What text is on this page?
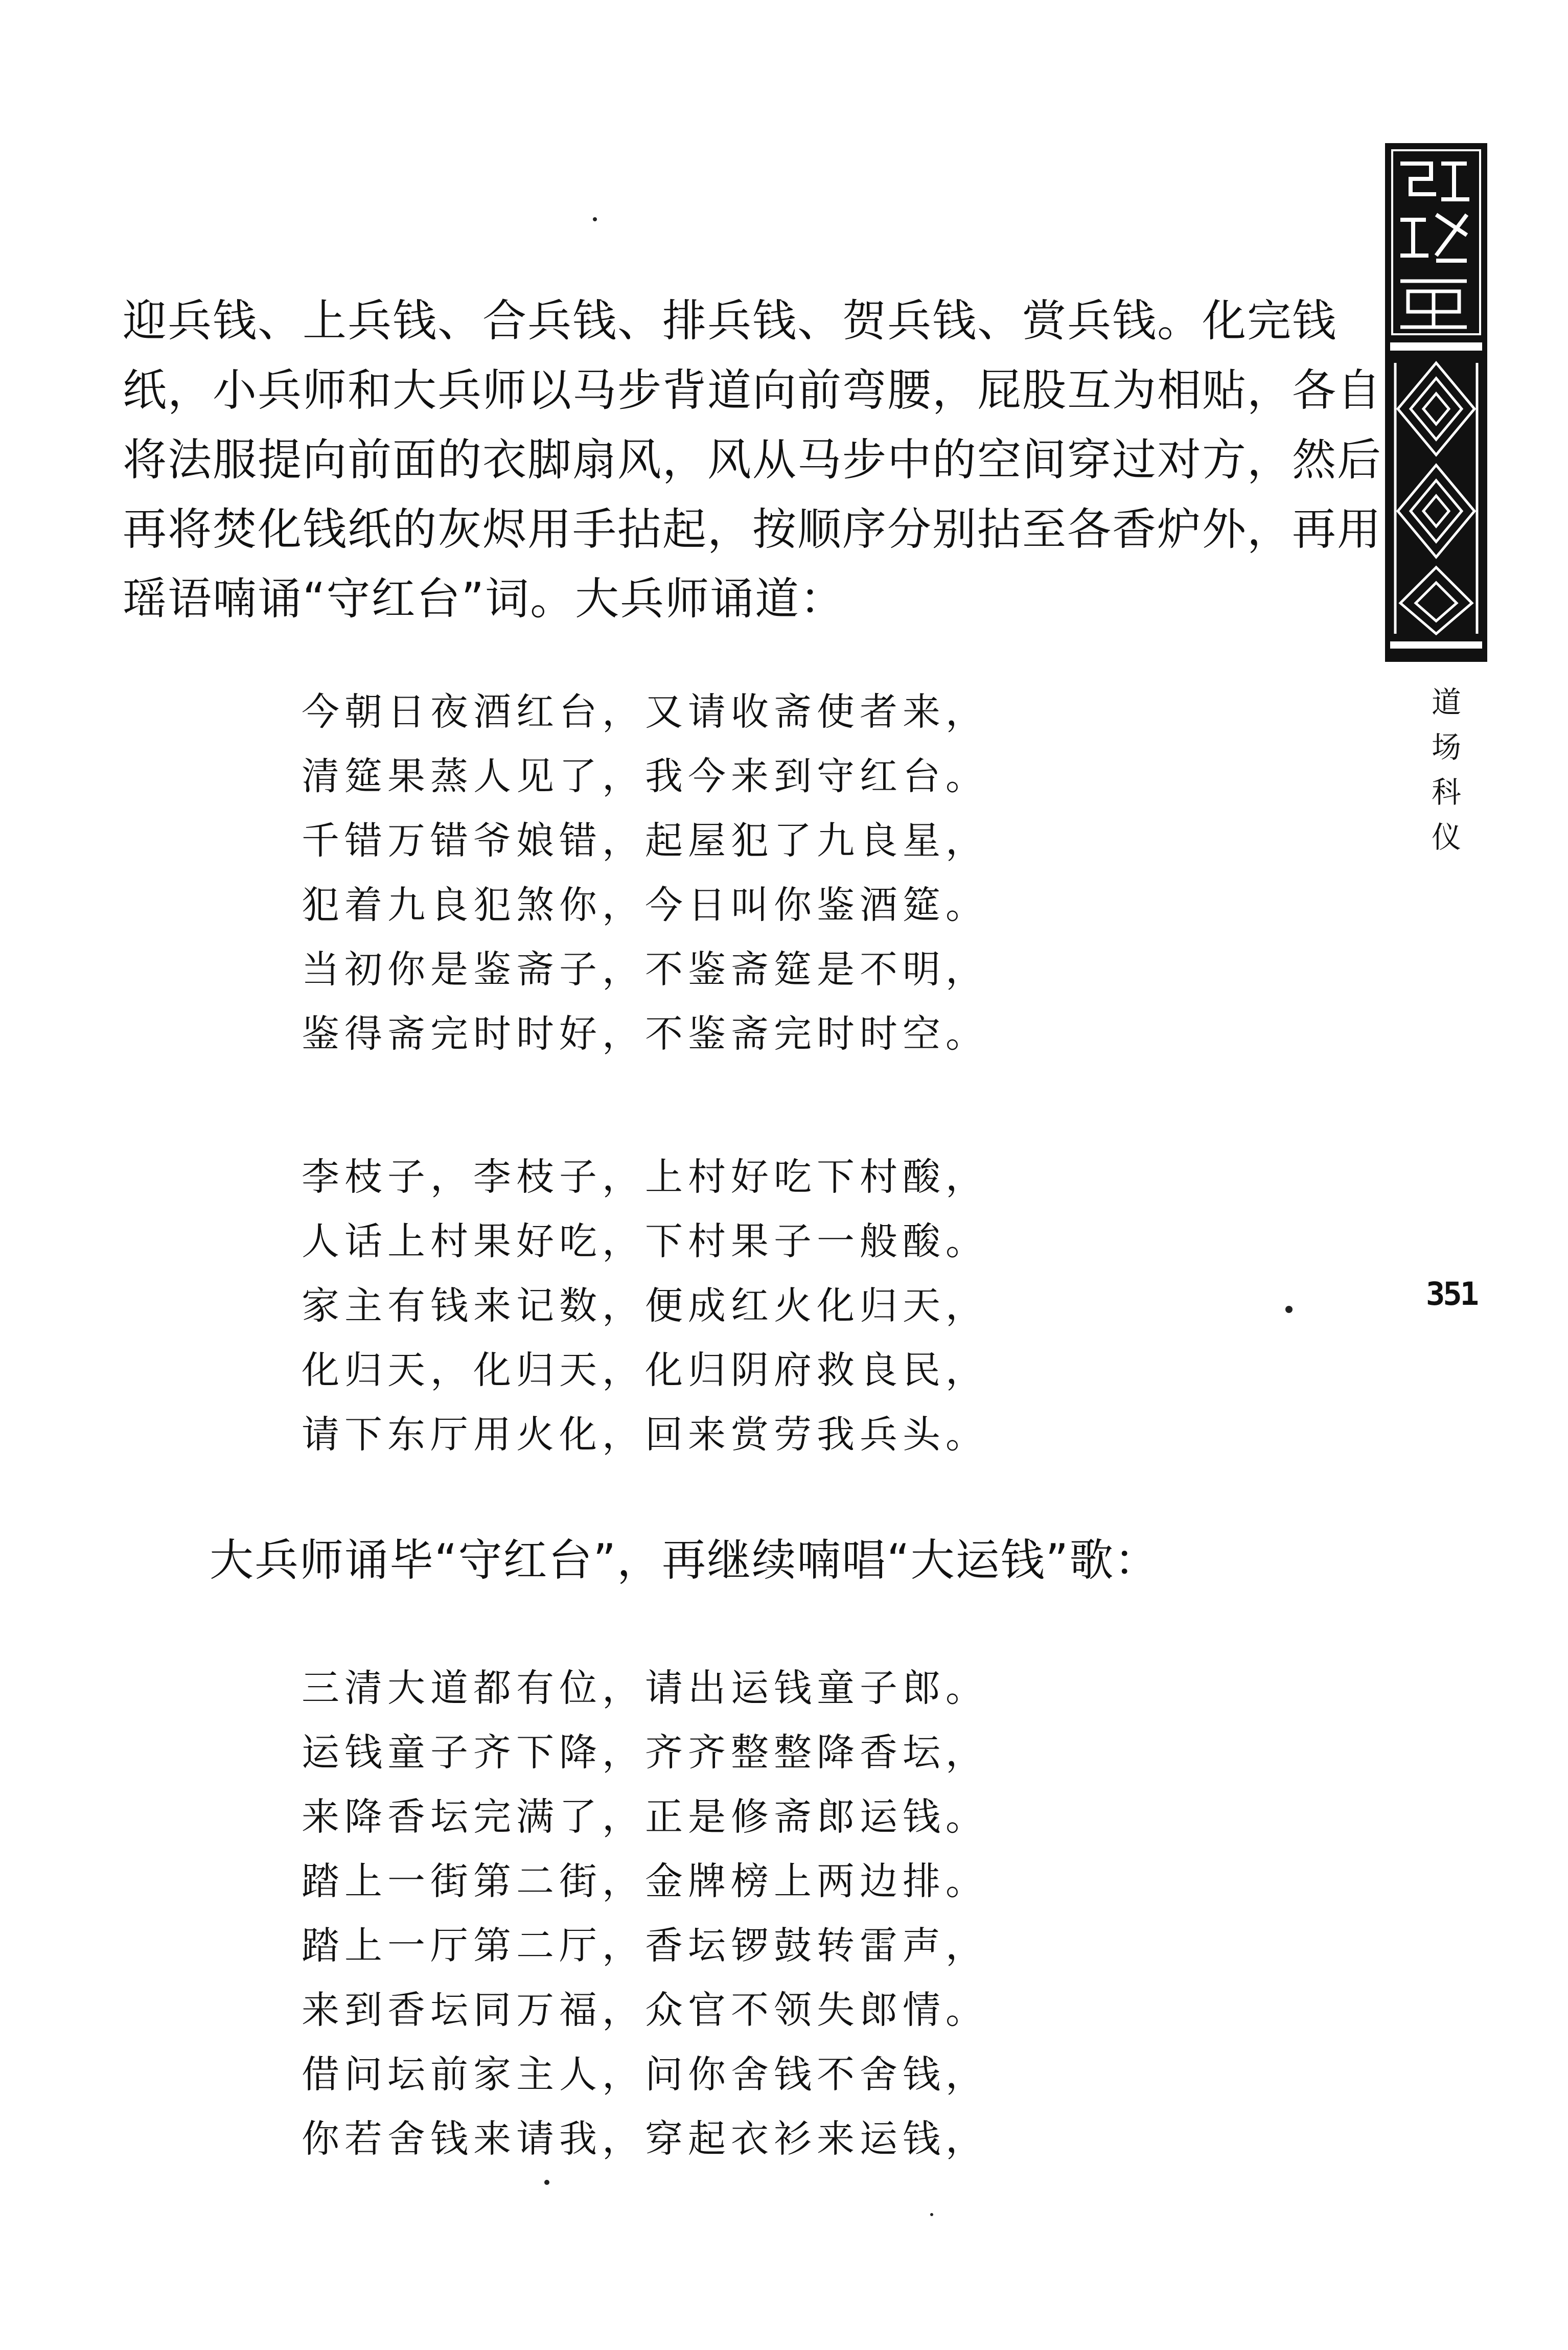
迎兵钱、上兵钱、合兵钱、排兵钱、贺兵钱、赏兵钱。化完钱
纸，小兵师和大兵师以马步背道向前弯腰，屁股互为相贴，各自
将法服提向前面的衣脚扇风，风从马步中的空间穿过对方，然后
再将焚化钱纸的灰烬用手拈起，按顺序分别拈至各香炉外，再用
瑶语喃诵“守红台”词。大兵师诵道：
今朝日夜酒红台，又请收斋使者来，
清筵果蒸人见了，我今来到守红台。
千错万错爷娘错，起屋犯了九良星，
犯着九良犯煞你，今日叫你鉴酒筵。
当初你是鉴斋子，不鉴斋筵是不明，
鉴得斋完时时好，不鉴斋完时时空。
李枝子，李枝子，上村好吃下村酸，
人话上村果好吃，下村果子一般酸。
家主有钱来记数，便成红火化归天，
化归天，化归天，化归阴府救良民，
请下东厅用火化，回来赏劳我兵头。
大兵师诵毕“守红台”，再继续喃唱“大运钱”歌：
三清大道都有位，请出运钱童子郎。
运钱童子齐下降，齐齐整整降香坛，
来降香坛完满了，正是修斋郎运钱。
踏上一街第二街，金牌榜上两边排。
踏上一厅第二厅，香坛锣鼓转雷声，
来到香坛同万福，众官不领失郎情。
借问坛前家主人，问你舍钱不舍钱，
你若舍钱来请我，穿起衣衫来运钱，
道
场
科
仪
351
